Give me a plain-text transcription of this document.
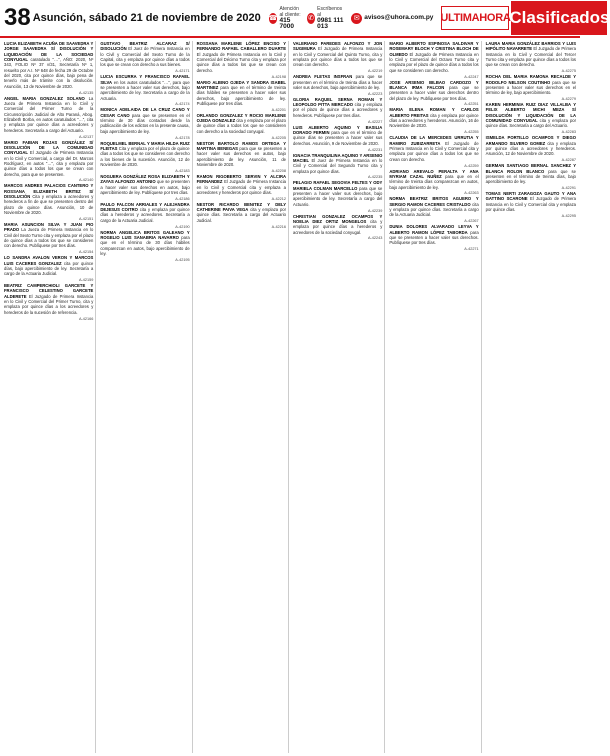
38 Asunción, sábado 21 de noviembre de 2020 ☎
Atención al cliente:
415 7000
✆
Escríbenos al
0981 111 013
✉ avisos@uhora.com.py ULTIMAHORA
Clasificados

LUCIA ELIZABETH ACUÑA DE SAAVEDRA Y JORGE SAAVEDRA S/ DISOLUCIÓN Y LIQUIDACIÓN DE LA SOCIEDAD CONYUGAL caratulado "…", AÑO: 2020, Nº 343, FOLIO Nº 37 v/31, Secretaría Nº 1, resuelto por A.I. Nº 648 de fecha 29 de Octubre del 2020, cita por quince días, bajo pena de tenerlo más de trámite con la disolución. Asunción, 13 de Noviembre de 2020.

A-42135

ANGEL MARIA GONZALEZ SOLANO La Jueza de Primera Instancia en lo Civil y Comercial del Primer Turno de la Circunscripción Judicial de Alto Paraná, Abog. Elizabeth Borba, en autos caratulados "…", cita y emplaza por quince días a acreedores y herederos. Secretaría a cargo del Actuario.

A-42137

MARIO FABIAN ROJAS GONZÁLEZ S/ DISOLUCIÓN DE LA COMUNIDAD CONYUGAL El Juzgado de Primera Instancia en lo Civil y Comercial, a cargo del Dr. Marcos Rodríguez, en autos "…", cita y emplaza por quince días a todos los que se crean con derecho, para que se presenten.

A-42140

MARCOS ANDRES PALACIOS CANTERO Y ROSSANA ELIZABETH BRITEZ S/ DISOLUCIÓN Cita y emplaza a acreedores y herederos a fin de que se presenten dentro del plazo de quince días. Asunción, 10 de Noviembre de 2020.

A-42151

MARIA ASUNCION SILVA Y JUAN PIO PRADO La Jueza de Primera Instancia en lo Civil del Sexto Turno cita y emplaza por el plazo de quince días a todos los que se consideren con derecho. Publíquese por tres días.

A-42154

LO SANDRA AVALON VERON Y MARCOS LUIS CACERES GONZALEZ cita por quince días, bajo apercibimiento de ley. Secretaría a cargo de la Actuaria Judicial.

A-42159

BEATRIZ CAMPERCHIOLI GARCETE Y FRANCISCO CELESTINO GARCETE ALDERETE El Juzgado de Primera Instancia en lo Civil y Comercial del Primer Turno, cita y emplaza por quince días a los acreedores y herederos de la sucesión de referencia.

A-42166

GUSTAVO BEATRIZ ALCARAZ S/ DISOLUCIÓN El Juez de Primera Instancia en lo Civil y Comercial del Sexto Turno de la Capital, cita y emplaza por quince días a todos los que se crean con derecho a sus bienes.

A-42171

LUCIA ESCURRA Y FRANCISCO RAFAEL SILVA en los autos caratulados "…", para que se presenten a hacer valer sus derechos, bajo apercibimiento de ley. Secretaría a cargo de la Actuaria.

A-42174

MONICA ADELAIDA DE LA CRUZ CANO Y CESAR CANO para que se presenten en el término de 30 días contados desde la publicación de los edictos en la presente causa, bajo apercibimiento de ley.

A-42178

ROQUELMEL BERNAL Y MARIA HILDA RUIZ FLEITAS Cita y emplaza por el plazo de quince días a todos los que se consideren con derecho a los bienes de la sucesión. Asunción, 12 de Noviembre de 2020.

A-42183

NOGUERA GONZÁLEZ ROSA ELIZABETH Y ZAYAS ALFONZO ANTONIO que se presenten a hacer valer sus derechos en autos, bajo apercibimiento de ley. Publíquese por tres días.

A-42186

PAULO FALCON ARRIALES Y ALEJANDRA DEJESUS COITRO cita y emplaza por quince días a herederos y acreedores. Secretaría a cargo de la Actuaria Judicial.

A-42190

NORMA ANGELICA BRITOS GALEANO Y ROGELIO LUIS SANABRIA NAVARRO para que en el término de 30 días hábiles comparezcan en autos, bajo apercibimiento de ley.

A-42195

ROSSANA MARLENE LÓPEZ ENCISO Y FERNANDO RAFAEL CABALLERO DUARTE El Juzgado de Primera Instancia en lo Civil y Comercial del Décimo Turno cita y emplaza por quince días a todos los que se crean con derecho.

A-42198

MARIO ALBINO OJEDA Y SANDRA ISABEL MARTINEZ para que en el término de treinta días hábiles se presenten a hacer valer sus derechos, bajo apercibimiento de ley. Publíquese por tres días.

A-42201

ORLANDO GONZALEZ Y ROCIO MARLENE OJEDA GONZALEZ cita y emplaza por el plazo de quince días a todos los que se consideren con derecho a la sociedad conyugal.

A-42205

NESTOR BARTOLO RAMOS ORTEGA Y MARTINA BENEGAS para que se presenten a hacer valer sus derechos en autos, bajo apercibimiento de ley. Asunción, 11 de Noviembre de 2020.

A-42208

RAMON RIGOBERTO SERVIN Y ALCIRA FERNANDEZ El Juzgado de Primera Instancia en lo Civil y Comercial cita y emplaza a acreedores y herederos por quince días.

A-42212

NESTOR RICARDO BENITEZ Y DELY CATHERINE PAIVA VEGA cita y emplaza por quince días. Secretaría a cargo del Actuario Judicial.

A-42216

VALERIANO PAREDES ALFONZO Y JON SUGIMURA El Juzgado de Primera Instancia en lo Civil y Comercial del Quinto Turno, cita y emplaza por quince días a todos los que se crean con derecho.

A-42219

ANDREA FLETAS INSFRAN para que se presenten en el término de treinta días a hacer valer sus derechos, bajo apercibimiento de ley.

A-42223

GLORIA RAQUEL SERNA ROMAN Y LEOPOLDO PITTA MERCADO cita y emplaza por el plazo de quince días a acreedores y herederos. Publíquese por tres días.

A-42227

LUIS ALBERTO AQUINO Y BASILIA DORADO FERMIN para que en el término de quince días se presenten a hacer valer sus derechos. Asunción, 9 de Noviembre de 2020.

A-42231

IGNACIA TRANQUILINA AQUINO Y ARSENIO MACIEL El Juez de Primera Instancia en lo Civil y Comercial del Segundo Turno cita y emplaza por quince días.

A-42235

PELAGIO RAFAEL SEGOVIA FELTES Y ODY MARIELA COLMAN MARCELLO para que se presenten a hacer valer sus derechos, bajo apercibimiento de ley. Secretaría a cargo del Actuario.

A-42239

CHRISTIAN GONZALEZ OCAMPOS Y NOELIA DIEZ ORTIZ MONGELOS cita y emplaza por quince días a herederos y acreedores de la sociedad conyugal.

A-42243

MARIO ALBERTO ESPINOSA SALDIVAR Y ROSEMARY BLOCH Y CRISTINA BLOCH DE OLMEDO El Juzgado de Primera Instancia en lo Civil y Comercial del Octavo Turno cita y emplaza por el plazo de quince días a todos los que se consideren con derecho.

A-42247

JOSE ARSENIO BILBAO CARDOZO Y BLANCA IRMA FALCON para que se presenten a hacer valer sus derechos dentro del plazo de ley. Publíquese por tres días.

A-42251

MARIA ELENA ROMAN Y CARLOS ALBERTO FREITAS cita y emplaza por quince días a acreedores y herederos. Asunción, 16 de Noviembre de 2020.

A-42255

CLAUDIA DE LA MERCEDES URRUTIA Y RAMIRO ZUBIZARRETA El Juzgado de Primera Instancia en lo Civil y Comercial cita y emplaza por quince días a todos los que se crean con derecho.

A-42259

ADRIANO AREVALO PERALTA Y ANA MYRIAM CAZAL NUÑEZ para que en el término de treinta días comparezcan en autos, bajo apercibimiento de ley.

A-42263

NORMA BEATRIZ BRITOS AGUERO Y SERGIO RAMON CACERES CRISTALDO cita y emplaza por quince días. Secretaría a cargo de la Actuaria Judicial.

A-42267

DUNIA DOLORES ALVARADO LEYVA Y ALBERTO RAMON LÓPEZ TABORDA para que se presenten a hacer valer sus derechos. Publíquese por tres días.

A-42271

LAURA MARIA GONZÁLEZ BARRIOS Y LUIS HIPÓLITO NAVARRETE El Juzgado de Primera Instancia en lo Civil y Comercial del Tercer Turno cita y emplaza por quince días a todos los que se crean con derecho.

A-42275

ROCHA DEL MARIA RAMONA RECALDE Y RODOLFO NELSON COUTINHO para que se presenten a hacer valer sus derechos en el término de ley, bajo apercibimiento.

A-42279

KAREN HERMINIA RUIZ DIAZ VILLALBA Y FELIX ALBERTO MICHI MEZA S/ DISOLUCIÓN Y LIQUIDACIÓN DE LA COMUNIDAD CONYUGAL cita y emplaza por quince días. Secretaría a cargo del Actuario.

A-42283

ISMELDA PORTILLO OCAMPOS Y DIEGO ARMANDO SILVERO GOMEZ cita y emplaza por quince días a acreedores y herederos. Asunción, 12 de Noviembre de 2020.

A-42287

GERMAN SANTIAGO BERNAL SANCHEZ Y BLANCA ROLON BLANCO para que se presenten en el término de treinta días, bajo apercibimiento de ley.

A-42291

TOMAS NERTI ZARAGOZA GAUTO Y ANA GATTINO SCARONE El Juzgado de Primera Instancia en lo Civil y Comercial cita y emplaza por quince días.

A-42295
